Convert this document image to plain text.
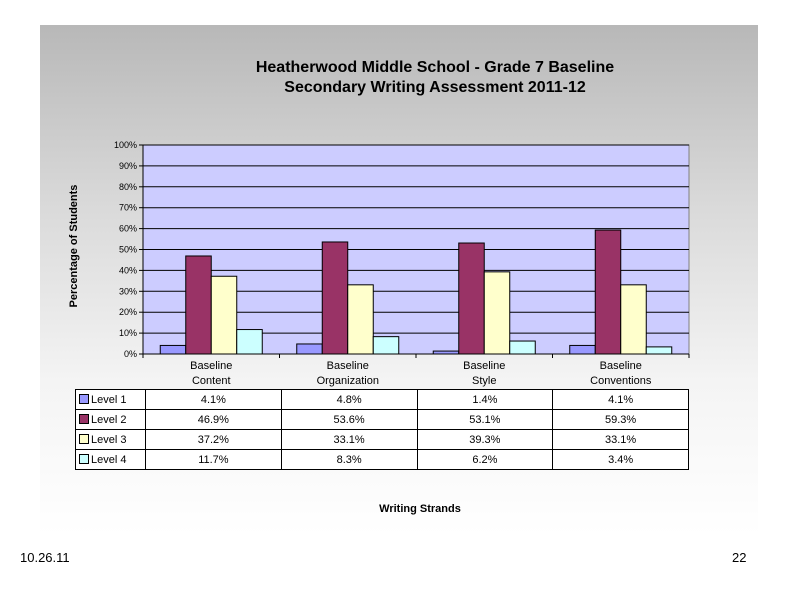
Heatherwood Middle School - Grade 7 Baseline
Secondary Writing Assessment 2011-12
Percentage of Students
0%
10%
20%
30%
40%
50%
60%
70%
80%
90%
100%
Baseline Content
Baseline Organization
Baseline Style
Baseline Conventions
Level 1	4.1%	4.8%	1.4%	4.1%
Level 2	46.9%	53.6%	53.1%	59.3%
Level 3	37.2%	33.1%	39.3%	33.1%
Level 4	11.7%	8.3%	6.2%	3.4%
Writing Strands
10.26.11	22
